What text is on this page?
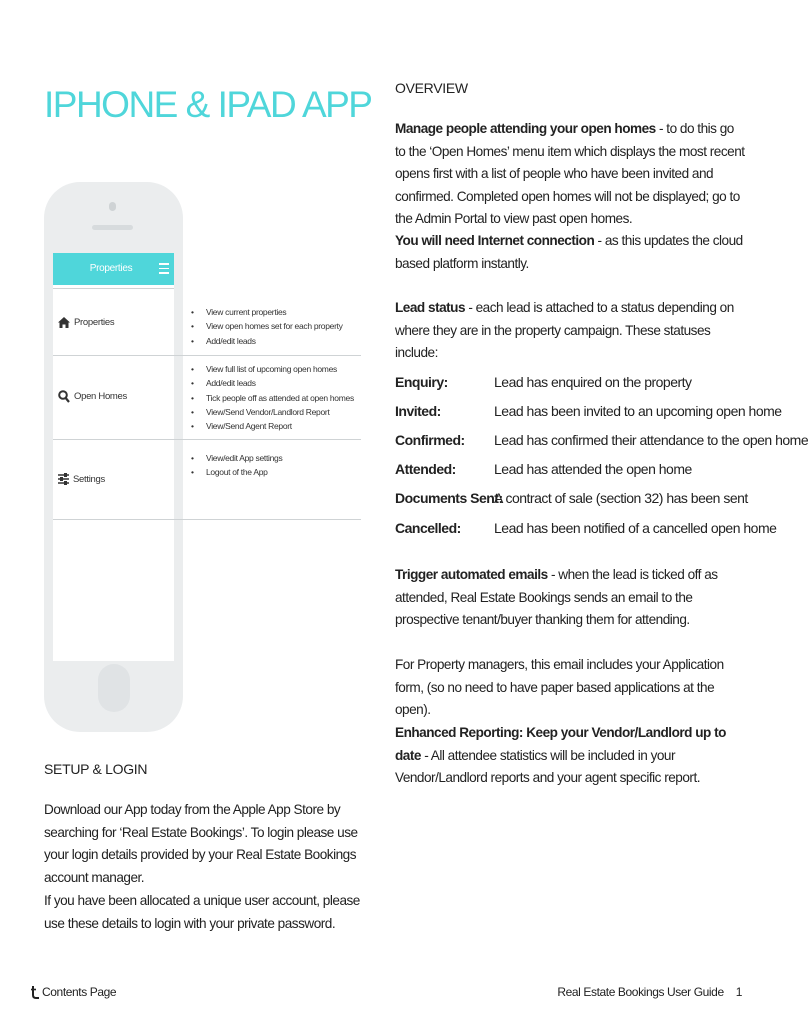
IPHONE & IPAD APP
Properties
Properties
Open Homes
Settings
• View current properties
• View open homes set for each property
• Add/edit leads
• View full list of upcoming open homes
• Add/edit leads
• Tick people off as attended at open homes
• View/Send Vendor/Landlord Report
• View/Send Agent Report
• View/edit App settings
• Logout of the App
OVERVIEW

Manage people attending your open homes - to do this go to the ‘Open Homes’ menu item which displays the most recent opens first with a list of people who have been invited and confirmed. Completed open homes will not be displayed; go to the Admin Portal to view past open homes.

You will need Internet connection - as this updates the cloud based platform instantly.

Lead status - each lead is attached to a status depending on where they are in the property campaign. These statuses include:

Enquiry:	Lead has enquired on the property
Invited:	Lead has been invited to an upcoming open home
Confirmed: Lead has confirmed their attendance to the open home
Attended:	Lead has attended the open home
Documents Sent:
A contract of sale (section 32) has been sent
Cancelled: Lead has been notified of a cancelled open home

Trigger automated emails - when the lead is ticked off as attended, Real Estate Bookings sends an email to the prospective tenant/buyer thanking them for attending.

For Property managers, this email includes your Application form, (so no need to have paper based applications at the open).

Enhanced Reporting: Keep your Vendor/Landlord up to date - All attendee statistics will be included in your Vendor/Landlord reports and your agent specific report.

SETUP & LOGIN

Download our App today from the Apple App Store by searching for ‘Real Estate Bookings’. To login please use your login details provided by your Real Estate Bookings account manager.

If you have been allocated a unique user account, please use these details to login with your private password.

Contents Page	Real Estate Bookings User Guide 1
